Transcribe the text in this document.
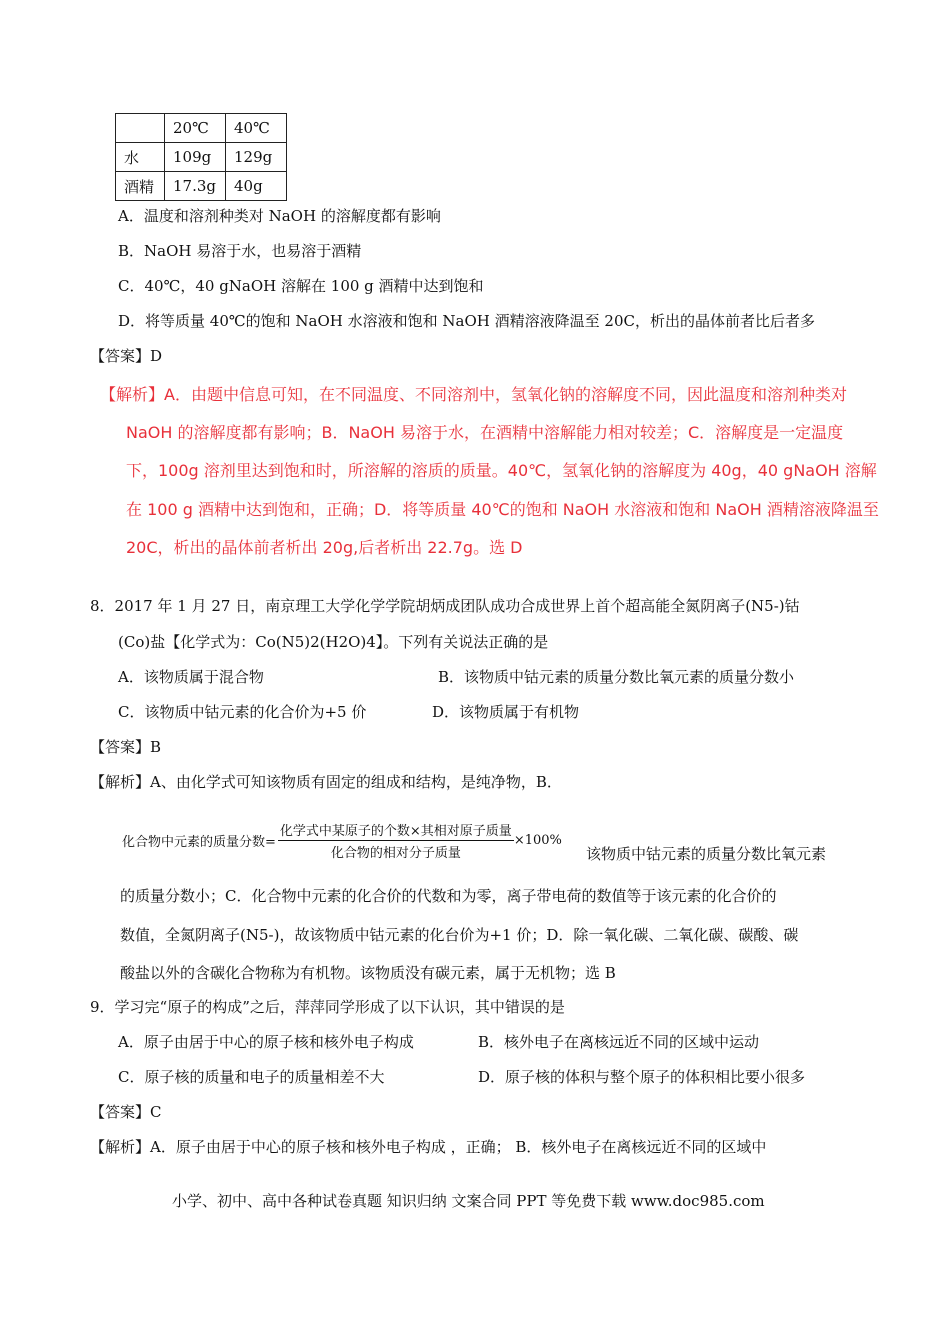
	20℃	40℃
水	109g	129g
酒精	17.3g	40g
A．温度和溶剂种类对 NaOH 的溶解度都有影响
B．NaOH 易溶于水，也易溶于酒精
C．40℃，40 gNaOH 溶解在 100 g 酒精中达到饱和
D．将等质量 40℃的饱和 NaOH 水溶液和饱和 NaOH 酒精溶液降温至 20C，析出的晶体前者比后者多
【答案】D
【解析】A．由题中信息可知，在不同温度、不同溶剂中，氢氧化钠的溶解度不同，因此温度和溶剂种类对
NaOH 的溶解度都有影响；B．NaOH 易溶于水，在酒精中溶解能力相对较差；C．溶解度是一定温度
下，100g 溶剂里达到饱和时，所溶解的溶质的质量。40℃，氢氧化钠的溶解度为 40g，40 gNaOH 溶解
在 100 g 酒精中达到饱和，正确；D．将等质量 40℃的饱和 NaOH 水溶液和饱和 NaOH 酒精溶液降温至
20C，析出的晶体前者析出 20g,后者析出 22.7g。选 D
8．2017 年 1 月 27 日，南京理工大学化学学院胡炳成团队成功合成世界上首个超高能全氮阴离子(N5-)钴
(Co)盐【化学式为：Co(N5)2(H2O)4】。下列有关说法正确的是
A．该物质属于混合物	B．该物质中钴元素的质量分数比氧元素的质量分数小
C．该物质中钴元素的化合价为+5 价	D．该物质属于有机物
【答案】B
【解析】A、由化学式可知该物质有固定的组成和结构，是纯净物，B．
化合物中元素的质量分数= $\frac{\text{化学式中某原子的个数×其相对原子质量}}{\text{化合物的相对分子质量}} \times 100\%$
该物质中钴元素的质量分数比氧元素
的质量分数小；C．化合物中元素的化合价的代数和为零，离子带电荷的数值等于该元素的化合价的
数值，全氮阴离子(N5-)，故该物质中钴元素的化台价为+1 价；D．除一氧化碳、二氧化碳、碳酸、碳
酸盐以外的含碳化合物称为有机物。该物质没有碳元素，属于无机物；选 B
9．学习完“原子的构成”之后，萍萍同学形成了以下认识，其中错误的是
A．原子由居于中心的原子核和核外电子构成	B．核外电子在离核远近不同的区域中运动
C．原子核的质量和电子的质量相差不大	D．原子核的体积与整个原子的体积相比要小很多
【答案】C
【解析】A．原子由居于中心的原子核和核外电子构成 ，正确； B．核外电子在离核远近不同的区域中
小学、初中、高中各种试卷真题 知识归纳 文案合同 PPT 等免费下载 www.doc985.com
